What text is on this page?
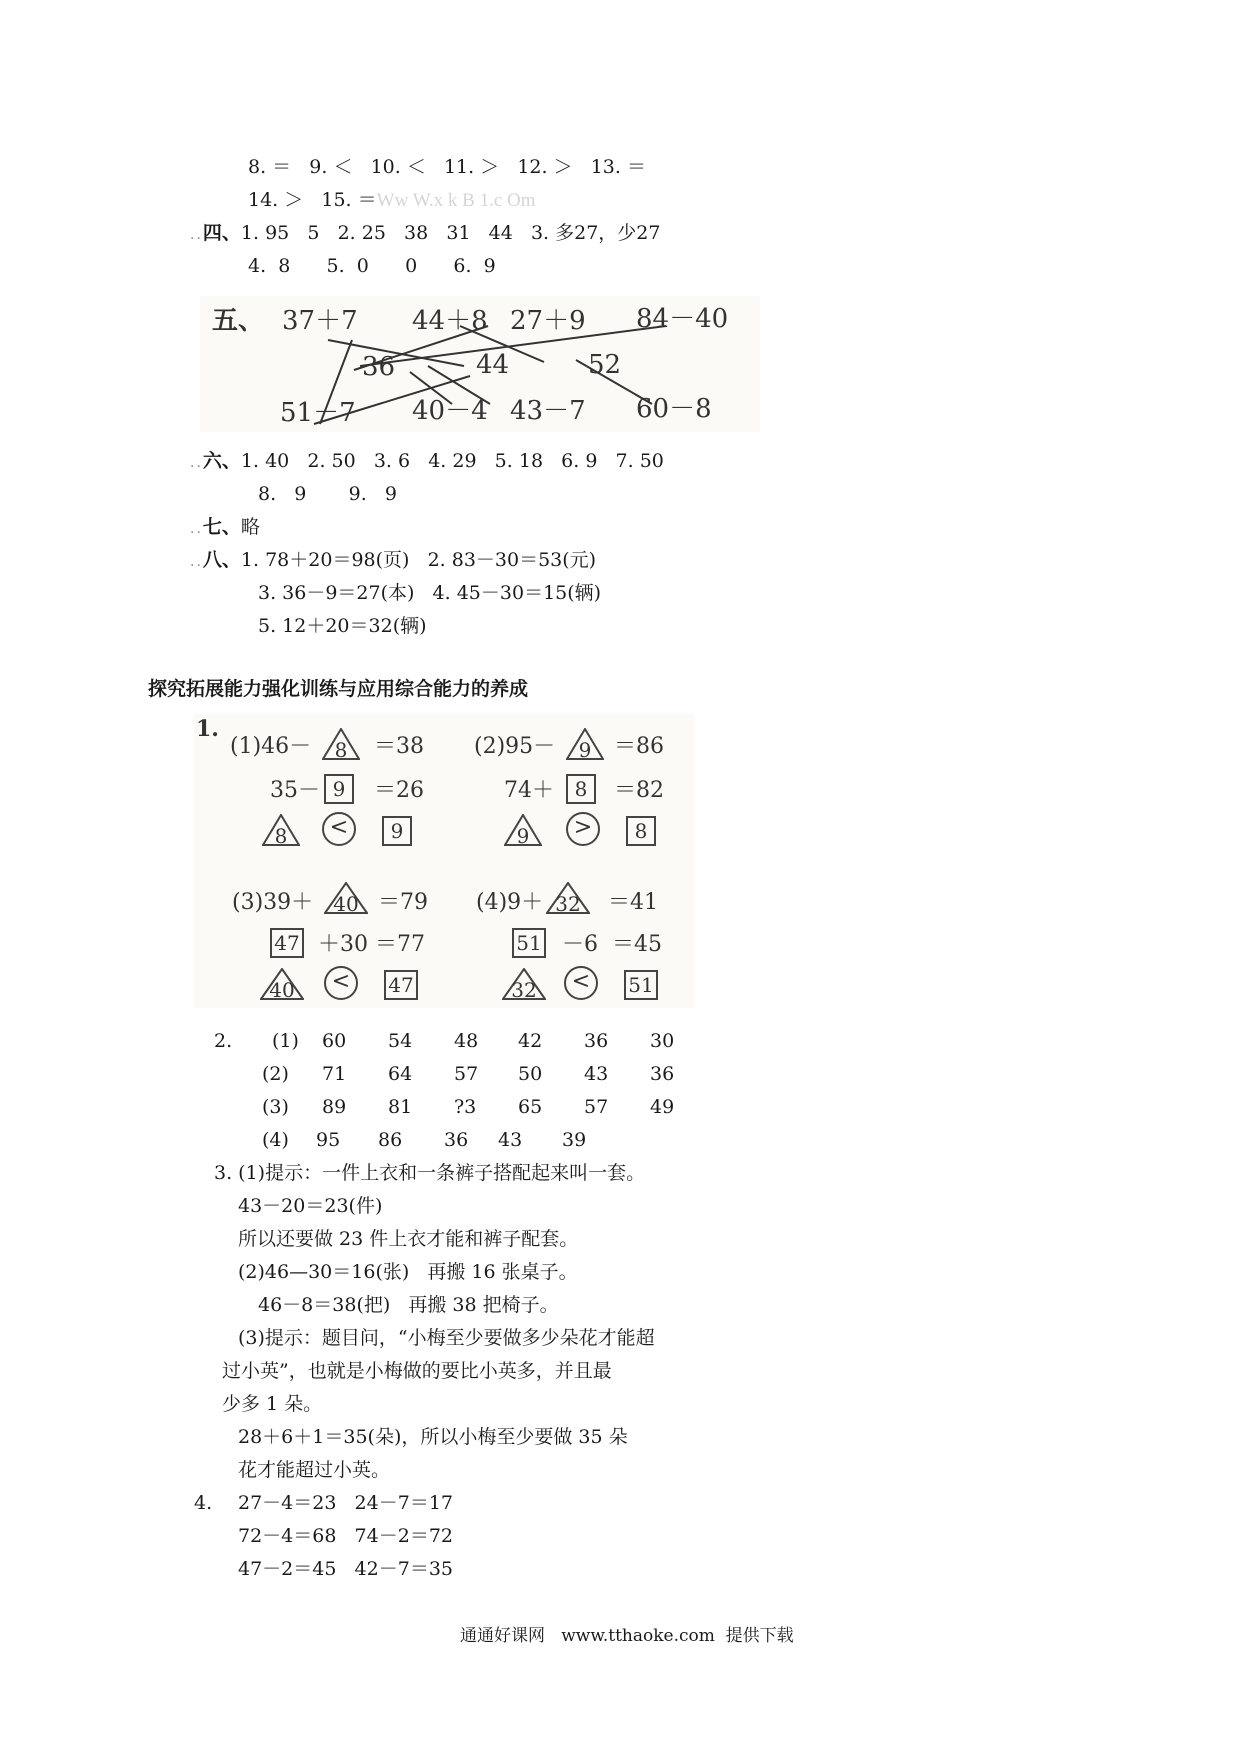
8. ＝   9. ＜   10. ＜   11. ＞   12. ＞   13. ＝
14. ＞   15. ＝Ww W.x k B 1.c Om
..四、1. 95   5   2. 25   38   31   44   3. 多27，少27
4.  8      5.  0      0      6.  9
五、 37＋7 44＋8 27＋9 84－40
36	44	52
51－7 40－4 43－7 60－8
..六、1. 40   2. 50   3. 6   4. 29   5. 18   6. 9   7. 50
8.   9       9.   9
..七、略
..八、1. 78＋20＝98(页)   2. 83－30＝53(元)
3. 36－9＝27(本)   4. 45－30＝15(辆)
5. 12＋20＝32(辆)
探究拓展能力强化训练与应用综合能力的养成
1.
(1)46－	8	＝38
35－ 9	＝26
8	<	9
(2)95－	9	＝86
74＋	8	＝82
9	>	8
(3)39＋	40 ＝79
47 ＋30 ＝77
40	<	47
(4)9＋ 32	＝41
51 －6  ＝45
32	<	51
2. (1) 60 54 48 42 36 30
(2) 71 64 57 50 43 36
(3) 89 81 ?3 65 57 49
(4) 95 86 36 43 39
3. (1)提示：一件上衣和一条裤子搭配起来叫一套。
43－20＝23(件)
所以还要做 23 件上衣才能和裤子配套。
(2)46—30＝16(张)   再搬 16 张桌子。
46－8＝38(把)   再搬 38 把椅子。
(3)提示：题目问，“小梅至少要做多少朵花才能超
过小英”，也就是小梅做的要比小英多，并且最
少多 1 朵。
28＋6＋1＝35(朵)，所以小梅至少要做 35 朵
花才能超过小英。
4. 27－4＝23   24－7＝17
72－4＝68   74－2＝72
47－2＝45   42－7＝35
通通好课网   www.tthaoke.com  提供下载
